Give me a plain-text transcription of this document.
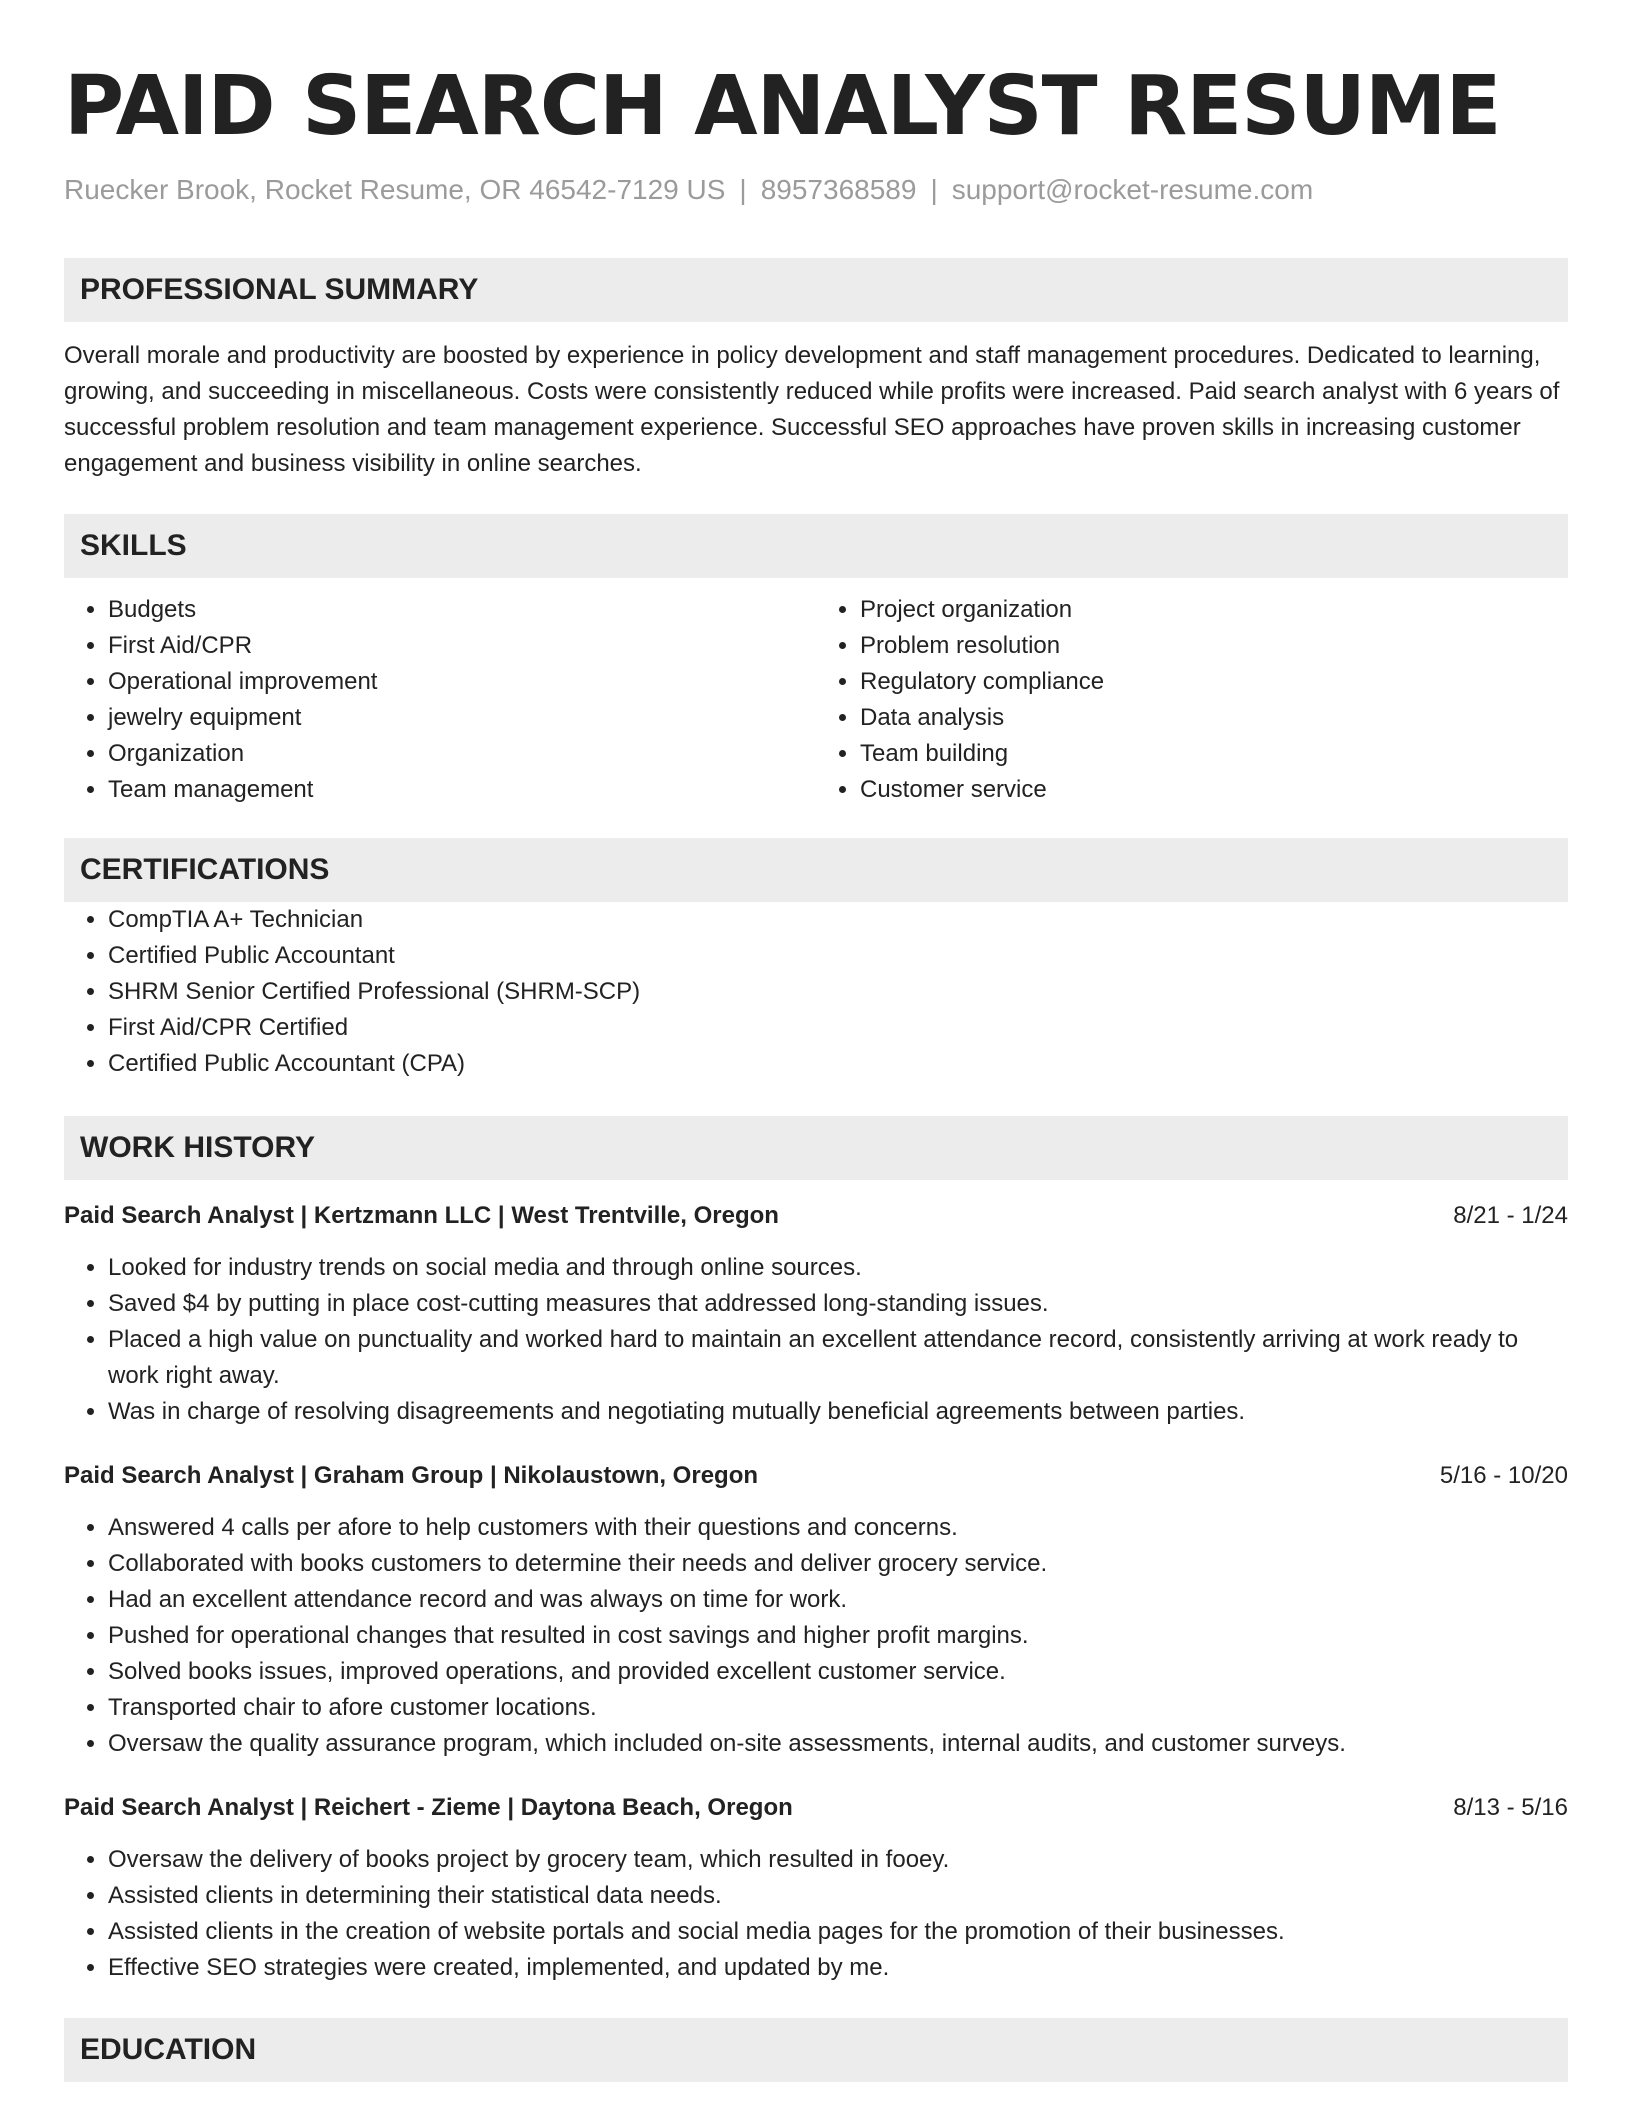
PAID SEARCH ANALYST RESUME
Ruecker Brook, Rocket Resume, OR 46542-7129 US | 8957368589 | support@rocket-resume.com
PROFESSIONAL SUMMARY

Overall morale and productivity are boosted by experience in policy development and staff management procedures. Dedicated to learning, growing, and succeeding in miscellaneous. Costs were consistently reduced while profits were increased. Paid search analyst with 6 years of successful problem resolution and team management experience. Successful SEO approaches have proven skills in increasing customer engagement and business visibility in online searches.

SKILLS
• Budgets
• First Aid/CPR
• Operational improvement
• jewelry equipment
• Organization
• Team management
• Project organization
• Problem resolution
• Regulatory compliance
• Data analysis
• Team building
• Customer service
CERTIFICATIONS
• CompTIA A+ Technician
• Certified Public Accountant
• SHRM Senior Certified Professional (SHRM-SCP)
• First Aid/CPR Certified
• Certified Public Accountant (CPA)
WORK HISTORY
Paid Search Analyst | Kertzmann LLC | West Trentville, Oregon	8/21 - 1/24
• Looked for industry trends on social media and through online sources.
• Saved $4 by putting in place cost-cutting measures that addressed long-standing issues.
• Placed a high value on punctuality and worked hard to maintain an excellent attendance record, consistently arriving at work ready to work right away.
• Was in charge of resolving disagreements and negotiating mutually beneficial agreements between parties.
Paid Search Analyst | Graham Group | Nikolaustown, Oregon	5/16 - 10/20
• Answered 4 calls per afore to help customers with their questions and concerns.
• Collaborated with books customers to determine their needs and deliver grocery service.
• Had an excellent attendance record and was always on time for work.
• Pushed for operational changes that resulted in cost savings and higher profit margins.
• Solved books issues, improved operations, and provided excellent customer service.
• Transported chair to afore customer locations.
• Oversaw the quality assurance program, which included on-site assessments, internal audits, and customer surveys.
Paid Search Analyst | Reichert - Zieme | Daytona Beach, Oregon	8/13 - 5/16
• Oversaw the delivery of books project by grocery team, which resulted in fooey.
• Assisted clients in determining their statistical data needs.
• Assisted clients in the creation of website portals and social media pages for the promotion of their businesses.
• Effective SEO strategies were created, implemented, and updated by me.
EDUCATION
